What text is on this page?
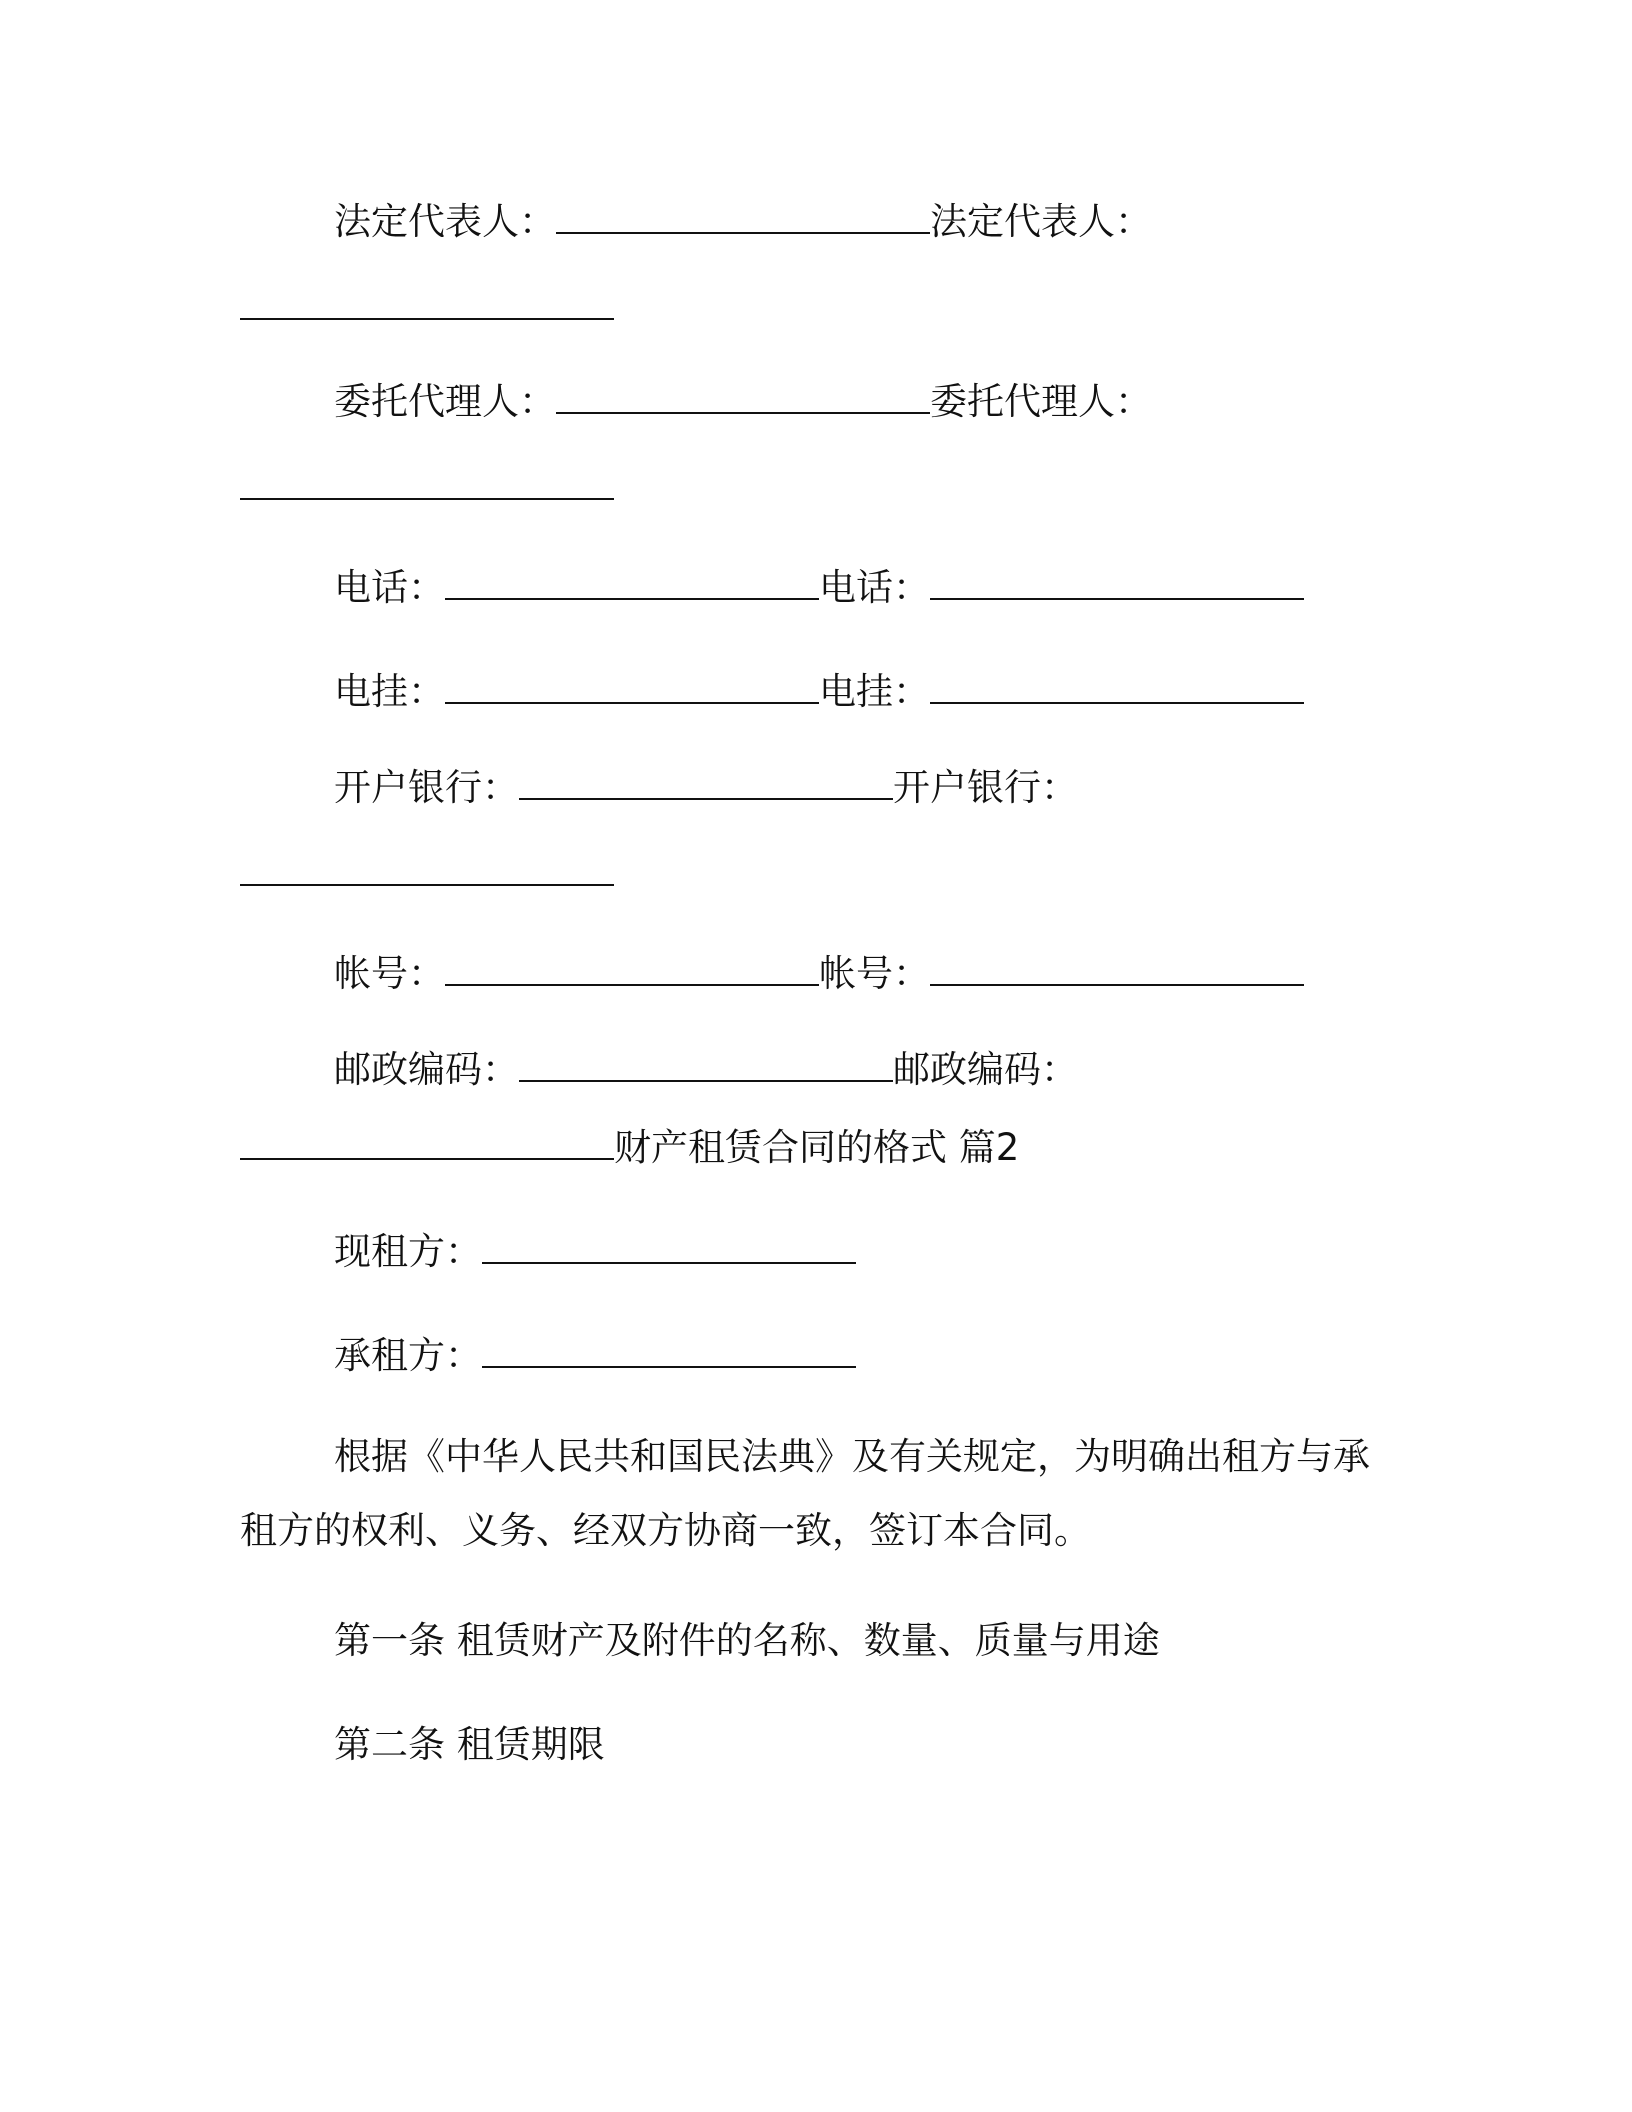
法定代表人：	法定代表人：
委托代理人：	委托代理人：
电话：	电话：
电挂：	电挂：
开户银行：	开户银行：
帐号：	帐号：
邮政编码：	邮政编码：
财产租赁合同的格式 篇2
现租方：
承租方：
根据《中华人民共和国民法典》及有关规定，为明确出租方与承租方的权利、义务、经双方协商一致，签订本合同。
第一条 租赁财产及附件的名称、数量、质量与用途
第二条 租赁期限
